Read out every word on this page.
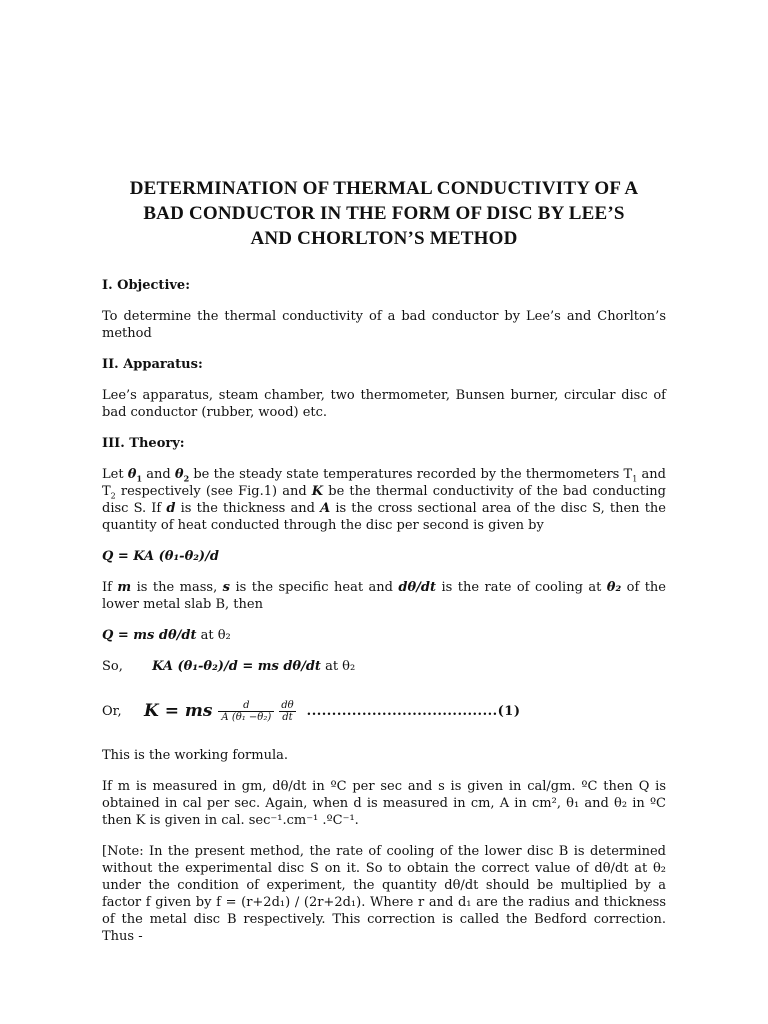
DETERMINATION OF THERMAL CONDUCTIVITY OF A
BAD CONDUCTOR IN THE FORM OF DISC BY LEE’S
AND CHORLTON’S METHOD
I. Objective:

To determine the thermal conductivity of a bad conductor by Lee’s and Chorlton’s method

II. Apparatus:

Lee’s apparatus, steam chamber, two thermometer, Bunsen burner, circular disc of bad conductor (rubber, wood) etc.

III. Theory:

Let $\theta_1$ and $\theta_2$ be the steady state temperatures recorded by the thermometers $T_1$ and $T_2$ respectively (see Fig.1) and K be the thermal conductivity of the bad conducting disc S. If d is the thickness and A is the cross sectional area of the disc S, then the quantity of heat conducted through the disc per second is given by

Q = KA (θ₁-θ₂)/d

If m is the mass, s is the specific heat and dθ/dt is the rate of cooling at θ₂ of the lower metal slab B, then

Q = ms dθ/dt at θ₂
So, KA (θ₁-θ₂)/d = ms dθ/dt at θ₂
Or,	K = ms $\frac{d}{\text{A (θ₁ −θ₂)}} \frac{d\theta}{dt} ......................................(1)$

This is the working formula.

If m is measured in gm, dθ/dt in ºC per sec and s is given in cal/gm. ºC then Q is obtained in cal per sec. Again, when d is measured in cm, A in cm², θ₁ and θ₂ in ºC then K is given in cal. sec⁻¹.cm⁻¹ .ºC⁻¹.

[Note: In the present method, the rate of cooling of the lower disc B is determined without the experimental disc S on it. So to obtain the correct value of dθ/dt at θ₂ under the condition of experiment, the quantity dθ/dt should be multiplied by a factor f given by f = (r+2d₁) / (2r+2d₁). Where r and d₁ are the radius and thickness of the metal disc B respectively. This correction is called the Bedford correction. Thus -
